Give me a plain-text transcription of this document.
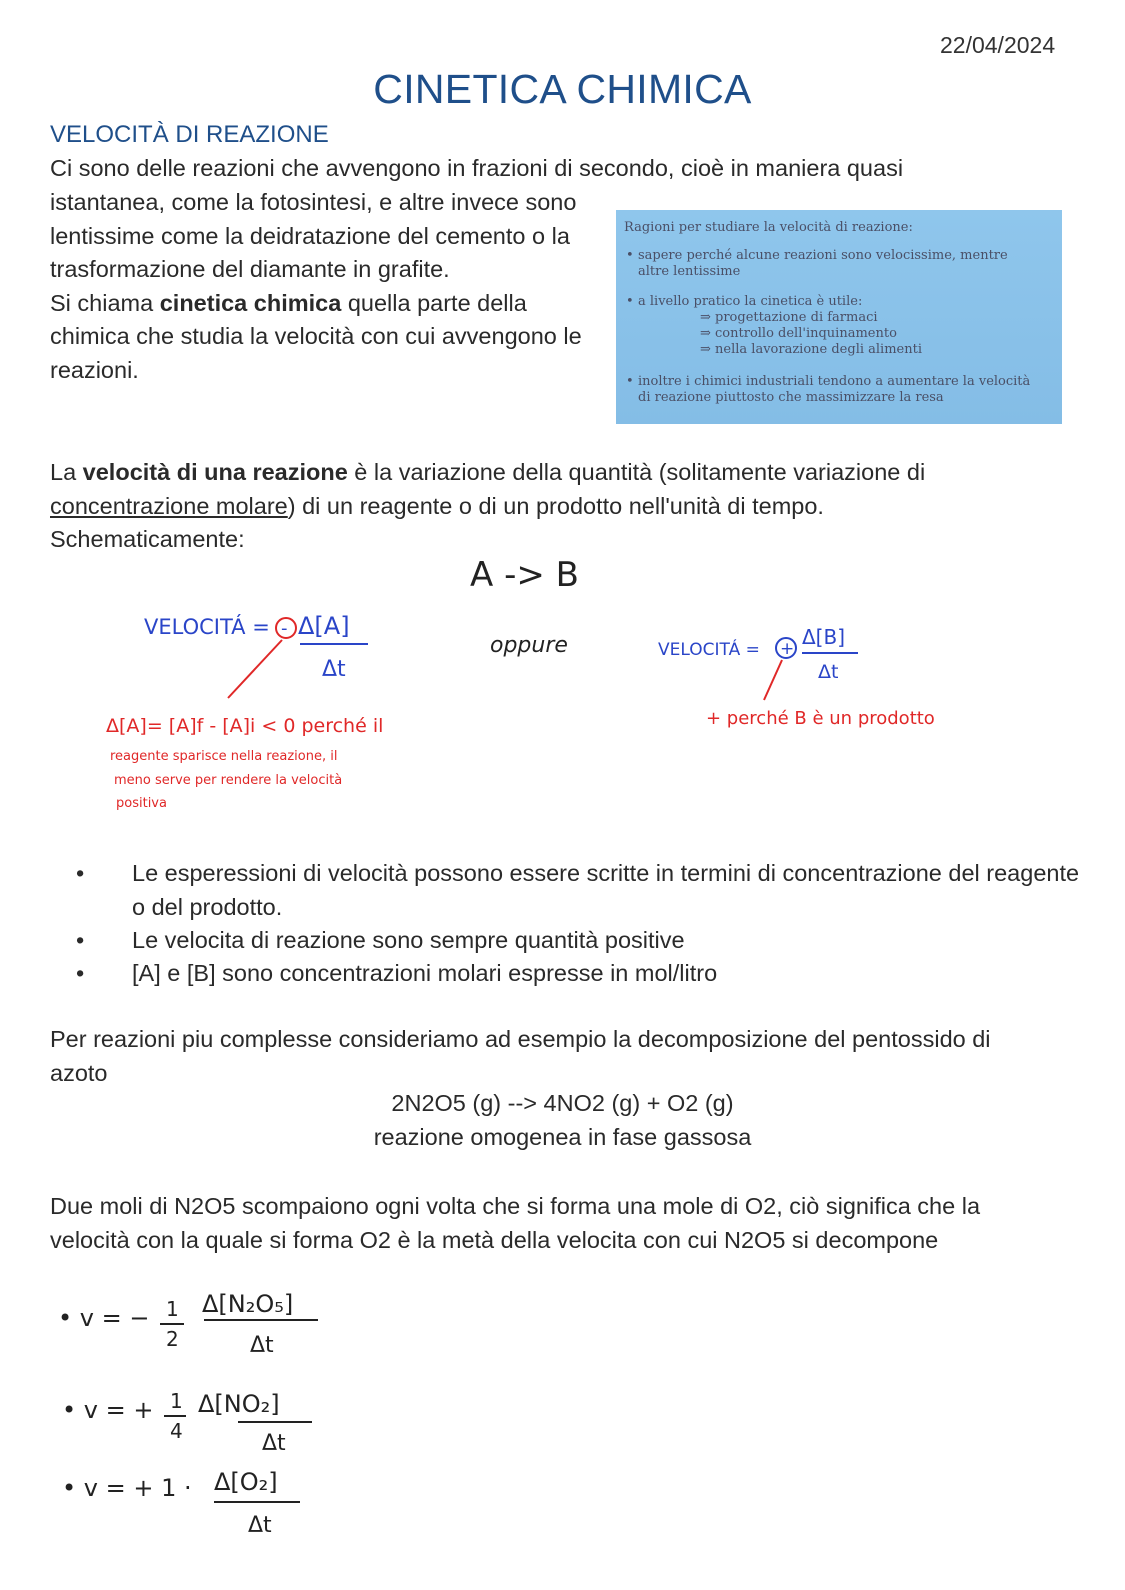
22/04/2024
CINETICA CHIMICA
VELOCITÀ DI REAZIONE
Ci sono delle reazioni che avvengono in frazioni di secondo, cioè in maniera quasi
istantanea, come la fotosintesi, e altre invece sono lentissime come la deidratazione del cemento o la trasformazione del diamante in grafite.
Si chiama cinetica chimica quella parte della chimica che studia la velocità con cui avvengono le reazioni.
Ragioni per studiare la velocità di reazione:
• sapere perché alcune reazioni sono velocissime, mentre altre lentissime
• a livello pratico la cinetica è utile:
⇒ progettazione di farmaci
⇒ controllo dell'inquinamento
⇒ nella lavorazione degli alimenti
• inoltre i chimici industriali tendono a aumentare la velocità di reazione piuttosto che massimizzare la resa
La velocità di una reazione è la variazione della quantità (solitamente variazione di
concentrazione molare) di un reagente o di un prodotto nell'unità di tempo.
Schematicamente:
A -> B
oppure
VELOCITÁ = - Δ[A]
Δt
VELOCITÁ = + Δ[B]
Δt
Δ[A]= [A]f - [A]i < 0 perché il
reagente sparisce nella reazione, il
meno serve per rendere la velocità
positiva
+ perché B è un prodotto
• Le esperessioni di velocità possono essere scritte in termini di concentrazione del reagente o del prodotto.
• Le velocita di reazione sono sempre quantità positive
• [A] e [B] sono concentrazioni molari espresse in mol/litro
Per reazioni piu complesse consideriamo ad esempio la decomposizione del pentossido di
azoto
2N2O5 (g) --> 4NO2 (g) + O2 (g)
reazione omogenea in fase gassosa
Due moli di N2O5 scompaiono ogni volta che si forma una mole di O2, ciò significa che la
velocità con la quale si forma O2 è la metà della velocita con cui N2O5 si decompone
• v = − 1
2
Δ[N₂O₅]
Δt
• v = + 1
4
Δ[NO₂]
Δt
• v = + 1 · Δ[O₂]
Δt
